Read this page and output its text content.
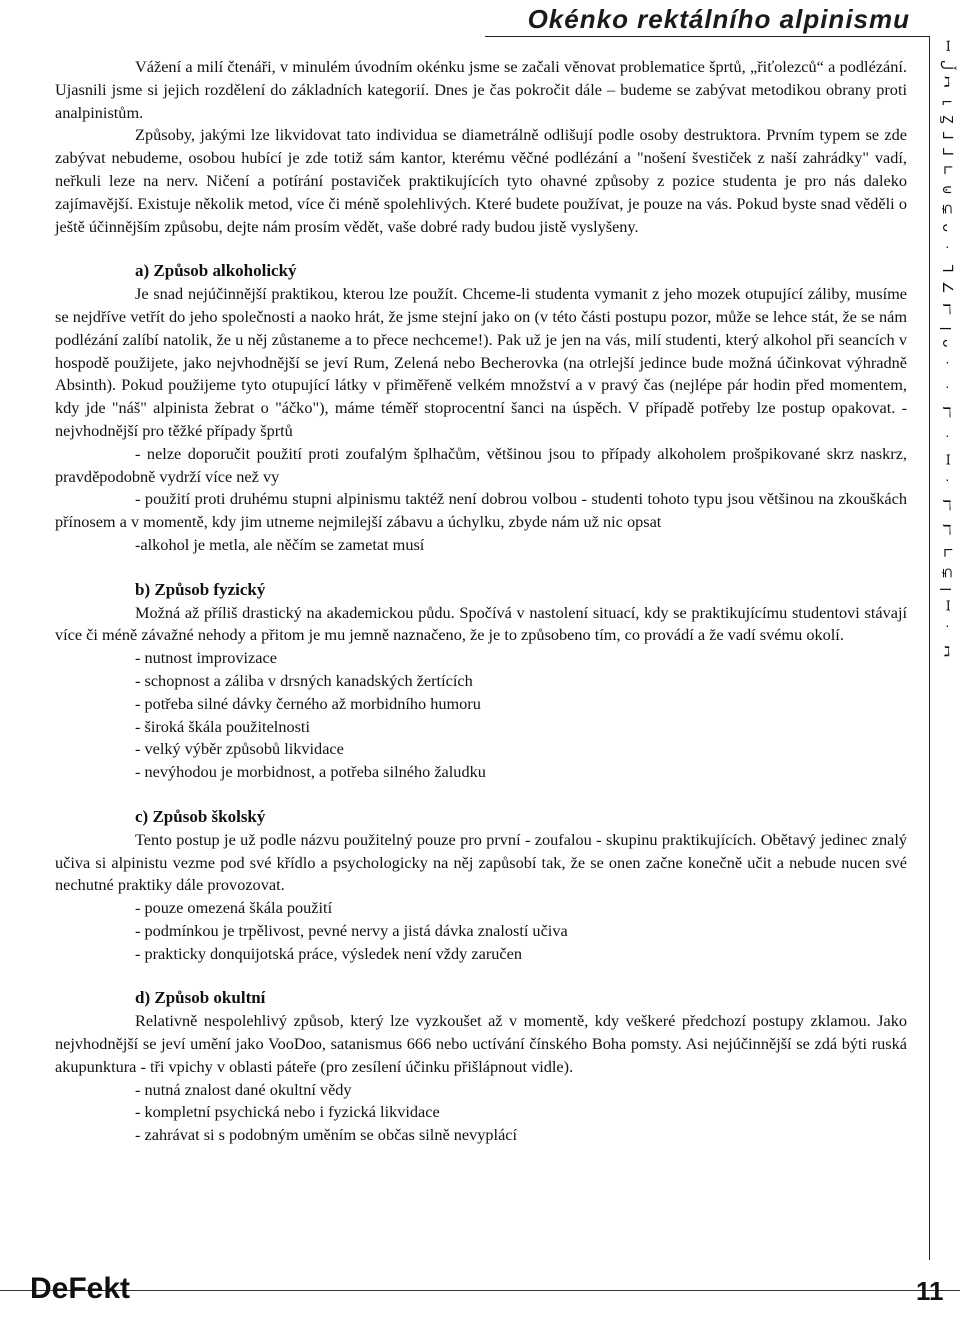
Okénko rektálního alpinismu
ꟷ ڵ ℷ ⌐ Ꙁ ⅃ ⅃ ∟ ⊍ ⊊ ᴗ ᐧ ⅂ ∠ ℸ ꞁ ᴗ ᐧ ᐧ ℸ ᐧ ꟷ ᐧ ℸ ℸ ∟ ⊊ ꞁ ꟷ ᐧ ℷ

Vážení a milí čtenáři, v minulém úvodním okénku jsme se začali věnovat problematice šprtů, „řiťolezců“ a podlézání. Ujasnili jsme si jejich rozdělení do základních kategorií. Dnes je čas pokročit dále – budeme se zabývat metodikou obrany proti analpinistům.

Způsoby, jakými lze likvidovat tato individua se diametrálně odlišují podle osoby destruktora. Prvním typem se zde zabývat nebudeme, osobou hubící je zde totiž sám kantor, kterému věčné podlézání a "nošení švestiček z naší zahrádky" vadí, neřkuli leze na nerv. Ničení a potírání postaviček praktikujících tyto ohavné způsoby z pozice studenta je pro nás daleko zajímavější. Existuje několik metod, více či méně spolehlivých. Které budete používat, je pouze na vás. Pokud byste snad věděli o ještě účinnějším způsobu, dejte nám prosím vědět, vaše dobré rady budou jistě vyslyšeny.

a) Způsob alkoholický

Je snad nejúčinnější praktikou, kterou lze použít. Chceme-li studenta vymanit z jeho mozek otupující záliby, musíme se nejdříve vetřít do jeho společnosti a naoko hrát, že jsme stejní jako on (v této části postupu pozor, může se lehce stát, že se nám podlézání zalíbí natolik, že u něj zůstaneme a to přece nechceme!). Pak už je jen na vás, milí studenti, který alkohol při seancích v hospodě použijete, jako nejvhodnější se jeví Rum, Zelená nebo Becherovka (na otrlejší jedince bude možná účinkovat výhradně Absinth). Pokud použijeme tyto otupující látky v přiměřeně velkém množství a v pravý čas (nejlépe pár hodin před momentem, kdy jde "náš" alpinista žebrat o "áčko"), máme téměř stoprocentní šanci na úspěch. V případě potřeby lze postup opakovat. - nejvhodnější pro těžké případy šprtů

- nelze doporučit použití proti zoufalým šplhačům, většinou jsou to případy alkoholem prošpikované skrz naskrz, pravděpodobně vydrží více než vy

- použití proti druhému stupni alpinismu taktéž není dobrou volbou - studenti tohoto typu jsou většinou na zkouškách přínosem a v momentě, kdy jim utneme nejmilejší zábavu a úchylku, zbyde nám už nic opsat

-alkohol je metla, ale něčím se zametat musí

b) Způsob fyzický

Možná až příliš drastický na akademickou půdu. Spočívá v nastolení situací, kdy se praktikujícímu studentovi stávají více či méně závažné nehody a přitom je mu jemně naznačeno, že je to způsobeno tím, co provádí a že vadí svému okolí.

- nutnost improvizace

- schopnost a záliba v drsných kanadských žertících

- potřeba silné dávky černého až morbidního humoru

- široká škála použitelnosti

- velký výběr způsobů likvidace

- nevýhodou je morbidnost, a potřeba silného žaludku

c) Způsob školský

Tento postup je už podle názvu použitelný pouze pro první - zoufalou - skupinu praktikujících. Obětavý jedinec znalý učiva si alpinistu vezme pod své křídlo a psychologicky na něj zapůsobí tak, že se onen začne konečně učit a nebude nucen své nechutné praktiky dále provozovat.

- pouze omezená škála použití

- podmínkou je trpělivost, pevné nervy a jistá dávka znalostí učiva

- prakticky donquijotská práce, výsledek není vždy zaručen

d) Způsob okultní

Relativně nespolehlivý způsob, který lze vyzkoušet až v momentě, kdy veškeré předchozí postupy zklamou. Jako nejvhodnější se jeví umění jako VooDoo, satanismus 666 nebo uctívání čínského Boha pomsty. Asi nejúčinnější se zdá býti ruská akupunktura - tři vpichy v oblasti páteře (pro zesílení účinku přišlápnout vidle).

- nutná znalost dané okultní vědy

- kompletní psychická nebo i fyzická likvidace

- zahrávat si s podobným uměním se občas silně nevyplácí

DeFekt	11
